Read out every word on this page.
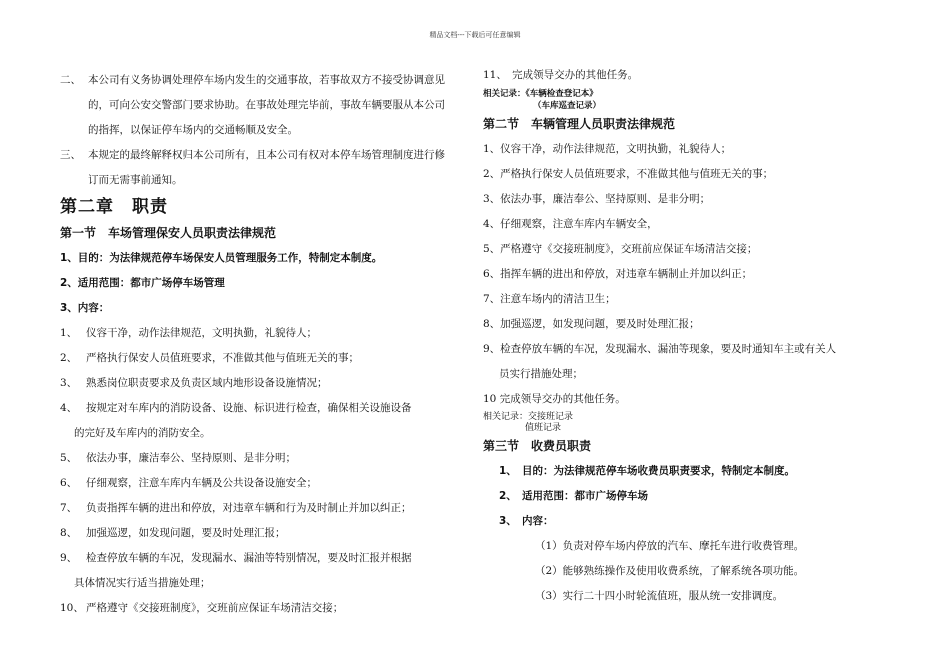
精品文档---下载后可任意编辑
二、 本公司有义务协调处理停车场内发生的交通事故，若事故双方不接受协调意见
的，可向公安交警部门要求协助。在事故处理完毕前，事故车辆要服从本公司
的指挥，以保证停车场内的交通畅顺及安全。
三、 本规定的最终解释权归本公司所有，且本公司有权对本停车场管理制度进行修
订而无需事前通知。
第二章　职责
第一节　车场管理保安人员职责法律规范
1、目的：为法律规范停车场保安人员管理服务工作，特制定本制度。
2、适用范围：都市广场停车场管理
3、内容：
1、 仪容干净，动作法律规范，文明执勤，礼貌待人；
2、 严格执行保安人员值班要求，不准做其他与值班无关的事；
3、 熟悉岗位职责要求及负责区域内地形设备设施情况；
4、 按规定对车库内的消防设备、设施、标识进行检查，确保相关设施设备
的完好及车库内的消防安全。
5、 依法办事，廉洁奉公、坚持原则、是非分明；
6、 仔细观察，注意车库内车辆及公共设备设施安全；
7、 负责指挥车辆的进出和停放，对违章车辆和行为及时制止并加以纠正；
8、 加强巡逻，如发现问题，要及时处理汇报；
9、 检查停放车辆的车况，发现漏水、漏油等特别情况，要及时汇报并根据
具体情况实行适当措施处理；
10、 严格遵守《交接班制度》，交班前应保证车场清洁交接；
11、　完成领导交办的其他任务。
相关记录：《车辆检查登记本》
（车库巡查记录）
第二节　车辆管理人员职责法律规范
1、仪容干净，动作法律规范，文明执勤，礼貌待人；
2、严格执行保安人员值班要求，不准做其他与值班无关的事；
3、依法办事，廉洁奉公、坚持原则、是非分明；
4、仔细观察，注意车库内车辆安全，
5、严格遵守《交接班制度》，交班前应保证车场清洁交接；
6、指挥车辆的进出和停放，对违章车辆制止并加以纠正；
7、注意车场内的清洁卫生；
8、加强巡逻，如发现问题，要及时处理汇报；
9、检查停放车辆的车况，发现漏水、漏油等现象，要及时通知车主或有关人
员实行措施处理；
10 完成领导交办的其他任务。
相关记录：交接班记录
值班记录
第三节　收费员职责
1、　目的：为法律规范停车场收费员职责要求，特制定本制度。
2、　适用范围：都市广场停车场
3、　内容：
（1）负责对停车场内停放的汽车、摩托车进行收费管理。
（2）能够熟练操作及使用收费系统，了解系统各项功能。
（3）实行二十四小时轮流值班，服从统一安排调度。
